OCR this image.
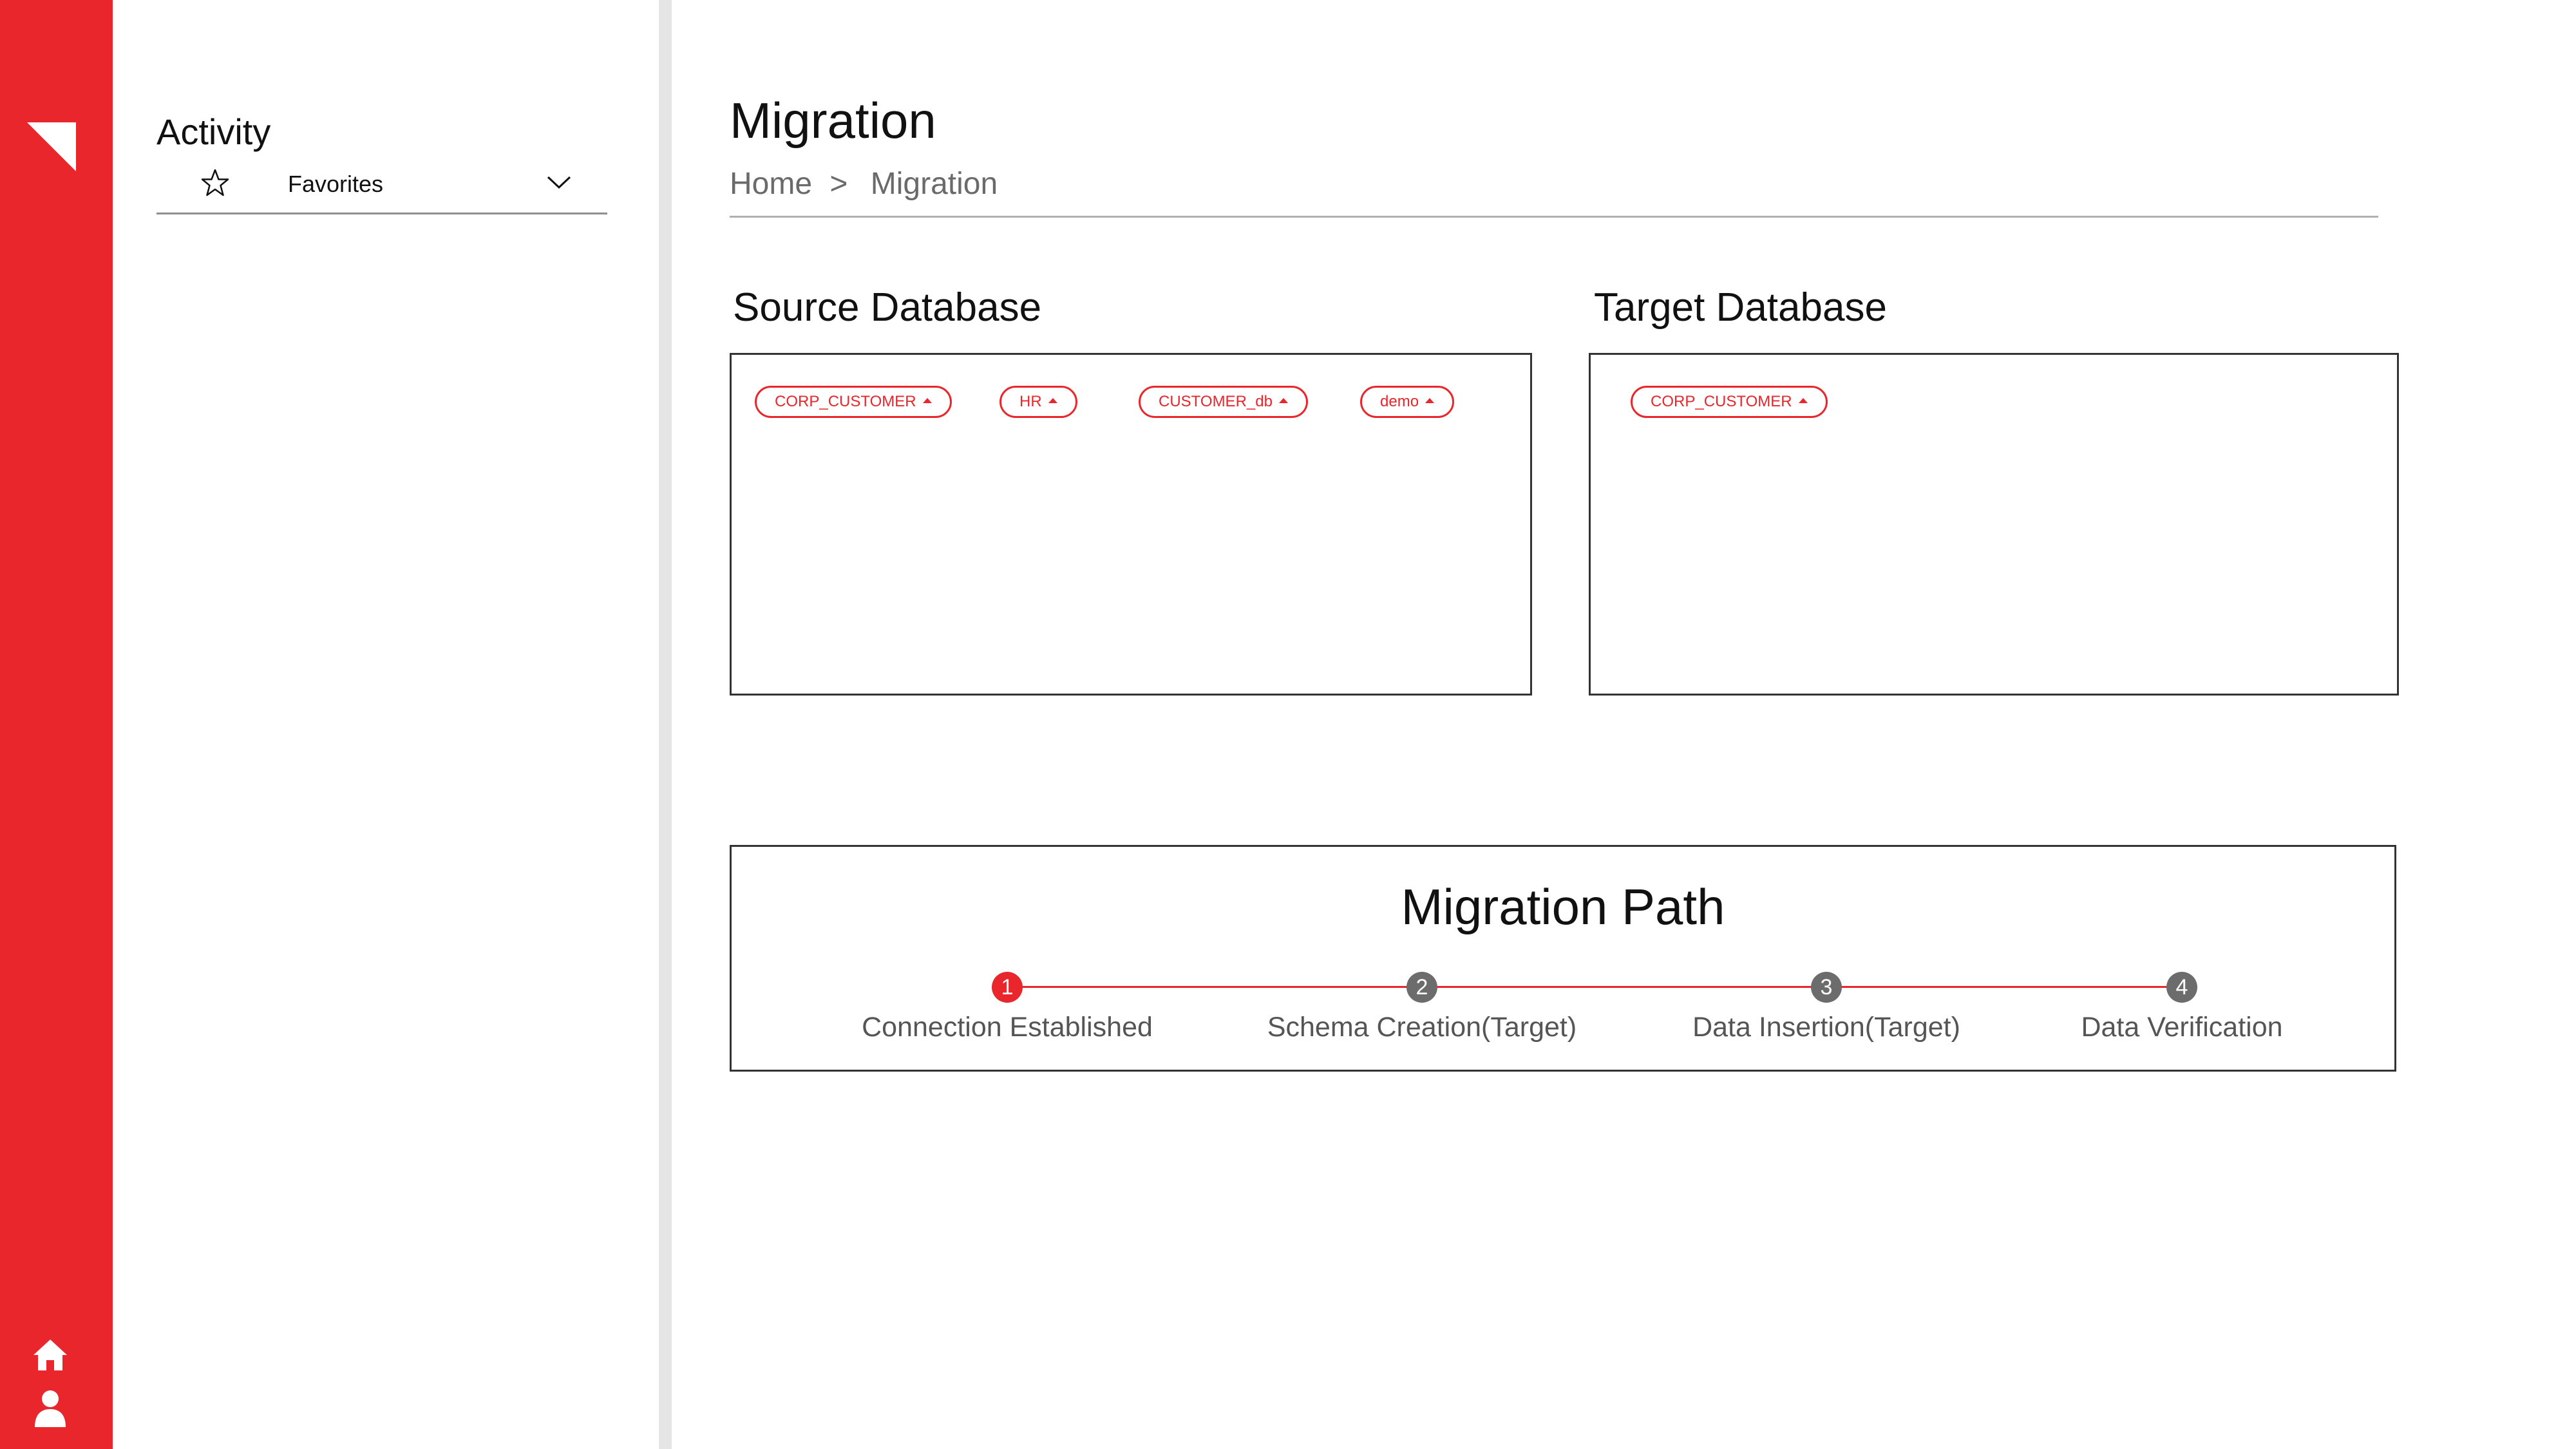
Activity
Favorites
Migration
Home > Migration
Source Database
CORP_CUSTOMER	HR	CUSTOMER_db	demo
Target Database
CORP_CUSTOMER
Migration Path
1	2	3	4
Connection Established	Schema Creation(Target)	Data Insertion(Target)	Data Verification
